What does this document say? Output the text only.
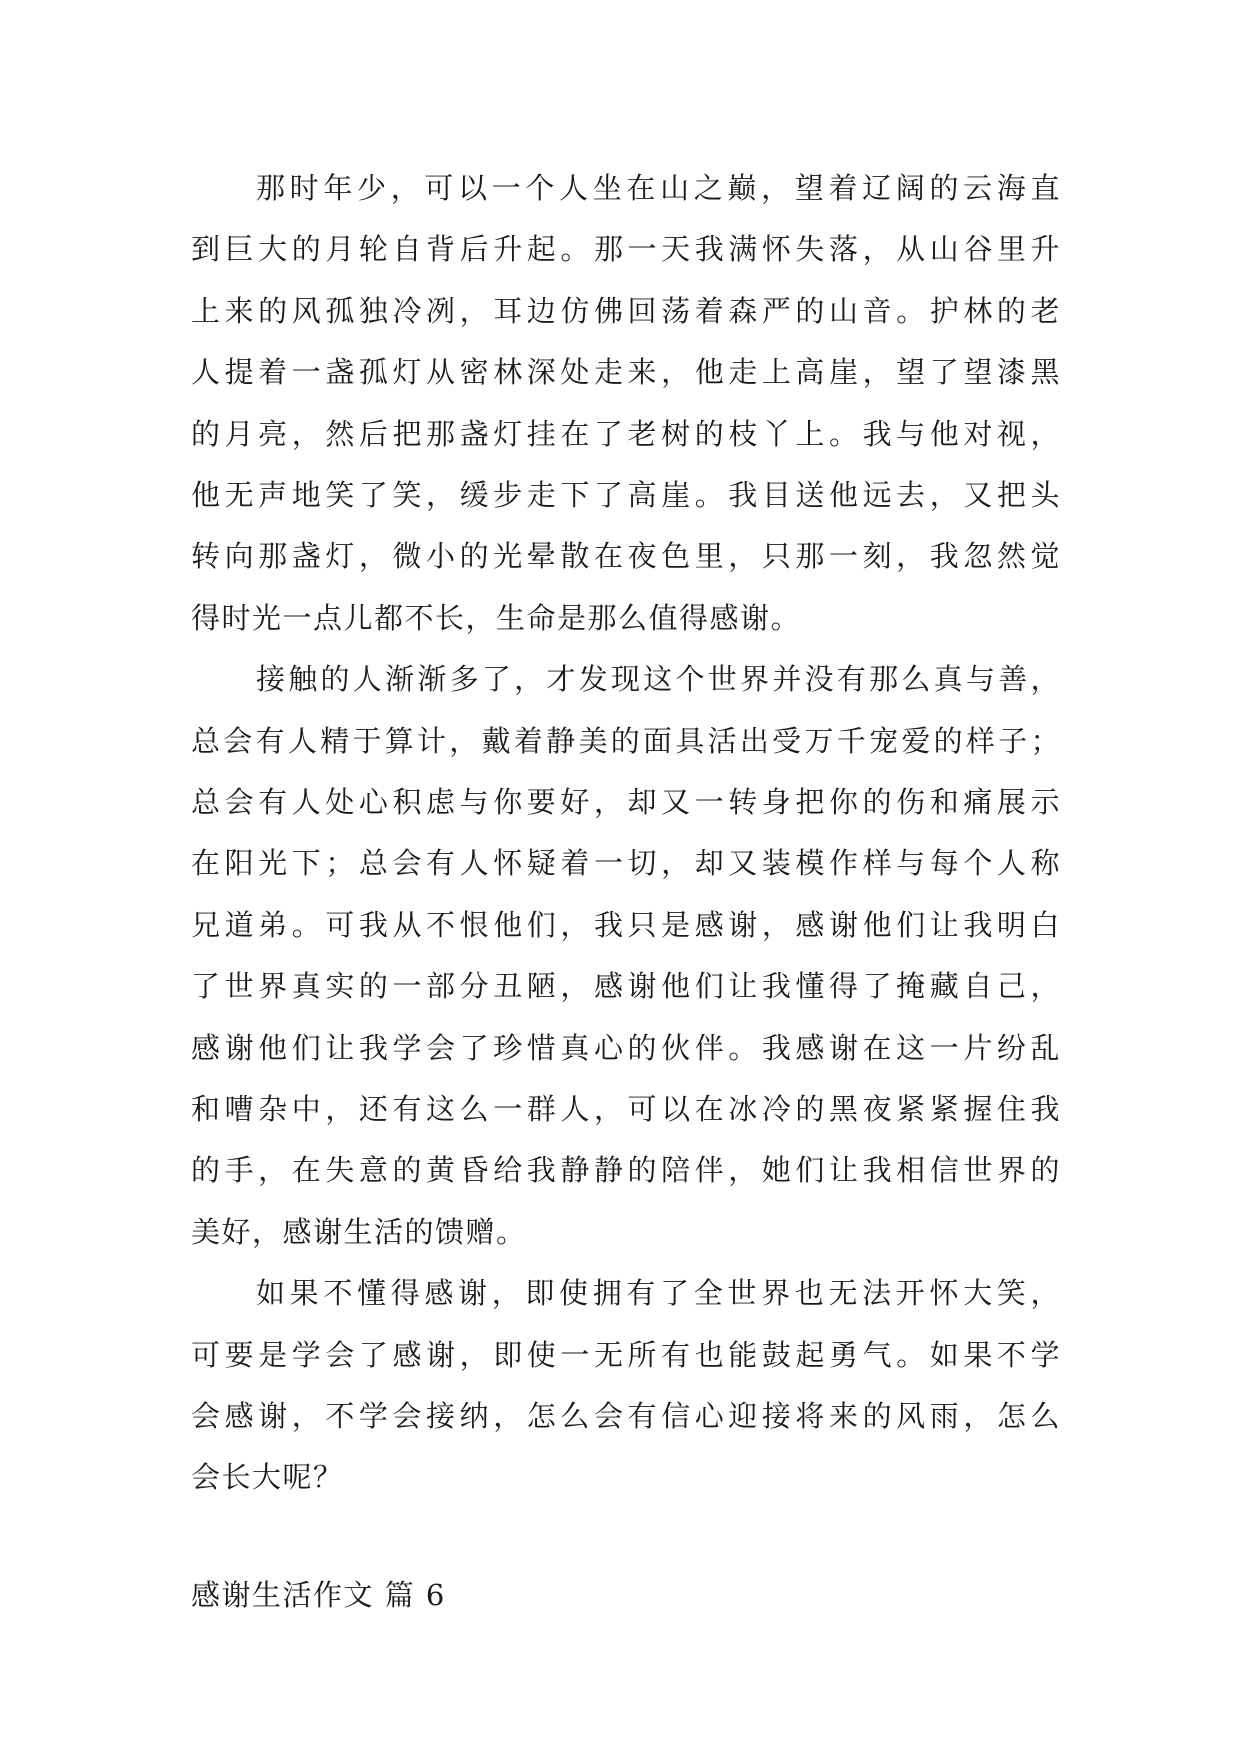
那时年少，可以一个人坐在山之巅，望着辽阔的云海直
到巨大的月轮自背后升起。那一天我满怀失落，从山谷里升
上来的风孤独冷冽，耳边仿佛回荡着森严的山音。护林的老
人提着一盏孤灯从密林深处走来，他走上高崖，望了望漆黑
的月亮，然后把那盏灯挂在了老树的枝丫上。我与他对视，
他无声地笑了笑，缓步走下了高崖。我目送他远去，又把头
转向那盏灯，微小的光晕散在夜色里，只那一刻，我忽然觉
得时光一点儿都不长，生命是那么值得感谢。
接触的人渐渐多了，才发现这个世界并没有那么真与善，
总会有人精于算计，戴着静美的面具活出受万千宠爱的样子；
总会有人处心积虑与你要好，却又一转身把你的伤和痛展示
在阳光下；总会有人怀疑着一切，却又装模作样与每个人称
兄道弟。可我从不恨他们，我只是感谢，感谢他们让我明白
了世界真实的一部分丑陋，感谢他们让我懂得了掩藏自己，
感谢他们让我学会了珍惜真心的伙伴。我感谢在这一片纷乱
和嘈杂中，还有这么一群人，可以在冰冷的黑夜紧紧握住我
的手，在失意的黄昏给我静静的陪伴，她们让我相信世界的
美好，感谢生活的馈赠。
如果不懂得感谢，即使拥有了全世界也无法开怀大笑，
可要是学会了感谢，即使一无所有也能鼓起勇气。如果不学
会感谢，不学会接纳，怎么会有信心迎接将来的风雨，怎么
会长大呢？
感谢生活作文 篇 6
